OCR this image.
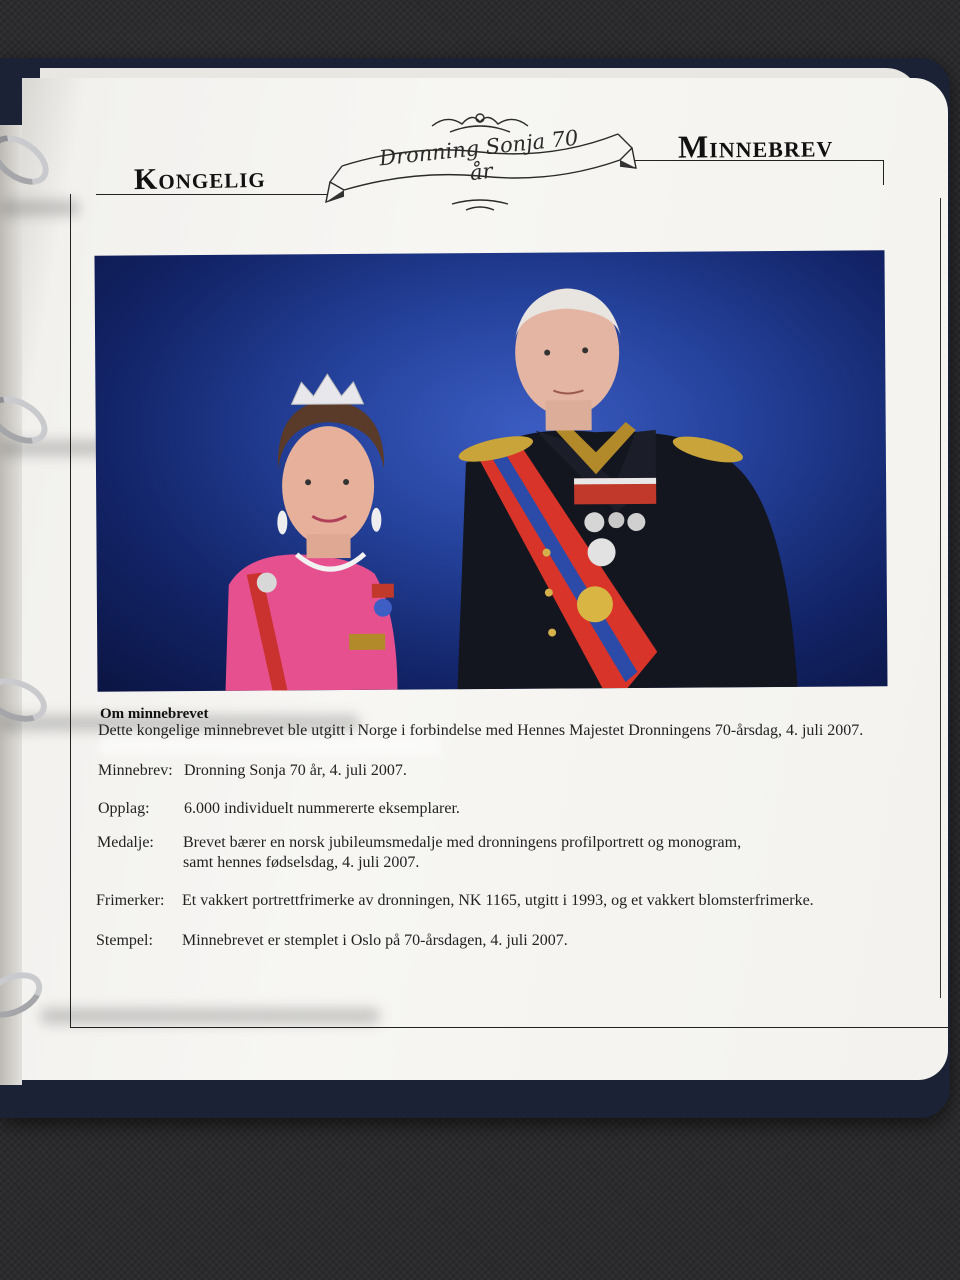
Kongelig
Minnebrev
Dronning Sonja 70 år
Om minnebrevet
Dette kongelige minnebrevet ble utgitt i Norge i forbindelse med Hennes Majestet Dronningens 70-årsdag, 4. juli 2007.
Minnebrev: Dronning Sonja 70 år, 4. juli 2007.
Opplag: 6.000 individuelt nummererte eksemplarer.
Medalje: Brevet bærer en norsk jubileumsmedalje med dronningens profilportrett og monogram,
samt hennes fødselsdag, 4. juli 2007.
Frimerker: Et vakkert portrettfrimerke av dronningen, NK 1165, utgitt i 1993, og et vakkert blomsterfrimerke.
Stempel: Minnebrevet er stemplet i Oslo på 70-årsdagen, 4. juli 2007.
